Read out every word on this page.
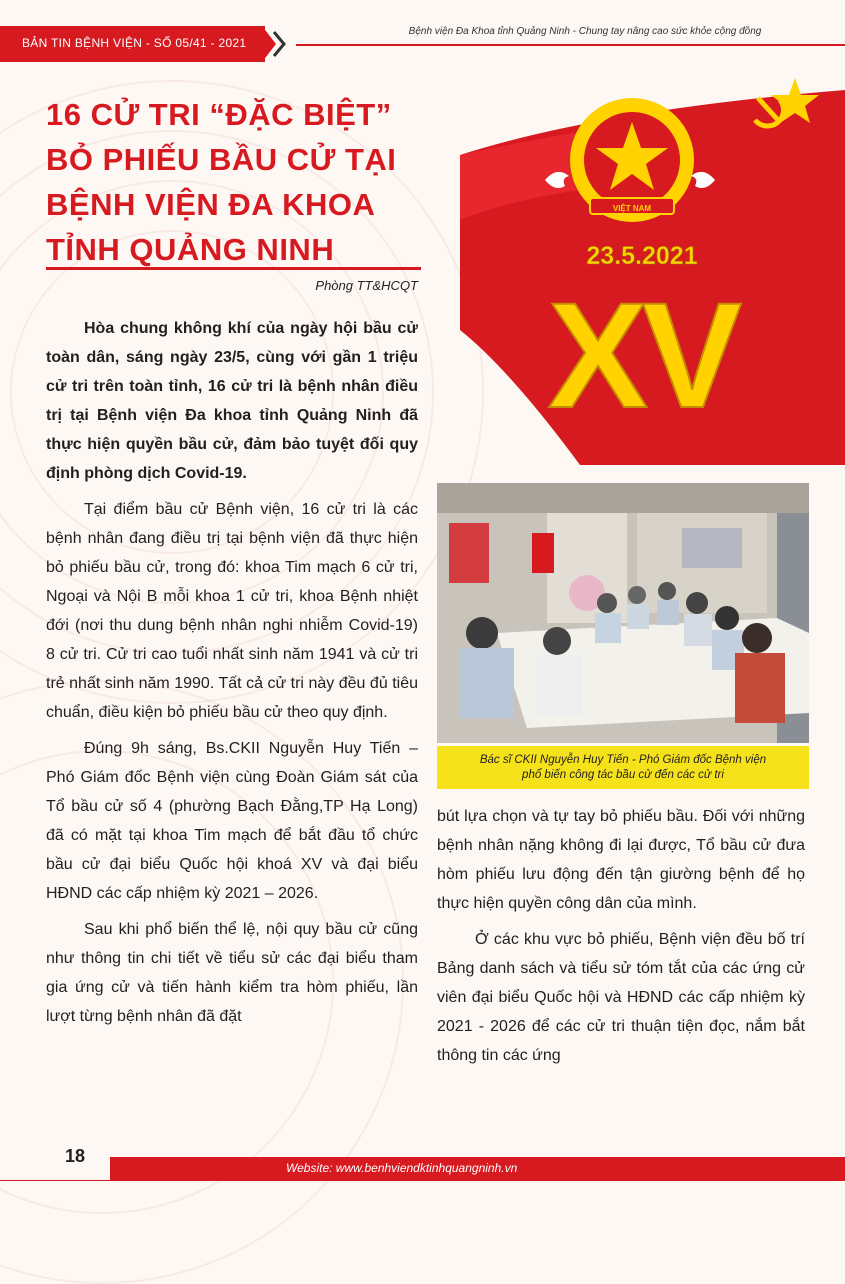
BẢN TIN BỆNH VIỆN - SỐ 05/41 - 2021
Bệnh viện Đa Khoa tỉnh Quảng Ninh - Chung tay nâng cao sức khỏe cộng đồng
16 CỬ TRI “ĐẶC BIỆT”
BỎ PHIẾU BẦU CỬ TẠI
BỆNH VIỆN ĐA KHOA
TỈNH QUẢNG NINH
Phòng TT&HCQT

Hòa chung không khí của ngày hội bầu cử toàn dân, sáng ngày 23/5, cùng với gần 1 triệu cử tri trên toàn tỉnh, 16 cử tri là bệnh nhân điều trị tại Bệnh viện Đa khoa tỉnh Quảng Ninh đã thực hiện quyền bầu cử, đảm bảo tuyệt đối quy định phòng dịch Covid-19.

Tại điểm bầu cử Bệnh viện, 16 cử tri là các bệnh nhân đang điều trị tại bệnh viện đã thực hiện bỏ phiếu bầu cử, trong đó: khoa Tim mạch 6 cử tri, Ngoại và Nội B mỗi khoa 1 cử tri, khoa Bệnh nhiệt đới (nơi thu dung bệnh nhân nghi nhiễm Covid-19) 8 cử tri. Cử tri cao tuổi nhất sinh năm 1941 và cử tri trẻ nhất sinh năm 1990. Tất cả cử tri này đều đủ tiêu chuẩn, điều kiện bỏ phiếu bầu cử theo quy định.

Đúng 9h sáng, Bs.CKII Nguyễn Huy Tiến – Phó Giám đốc Bệnh viện cùng Đoàn Giám sát của Tổ bầu cử số 4 (phường Bạch Đằng,TP Hạ Long) đã có mặt tại khoa Tim mạch để bắt đầu tổ chức bầu cử đại biểu Quốc hội khoá XV và đại biểu HĐND các cấp nhiệm kỳ 2021 – 2026.

Sau khi phổ biến thể lệ, nội quy bầu cử cũng như thông tin chi tiết về tiểu sử các đại biểu tham gia ứng cử và tiến hành kiểm tra hòm phiếu, lần lượt từng bệnh nhân đã đặt

VIỆT NAM
23.5.2021
XV
Bác sĩ CKII Nguyễn Huy Tiến - Phó Giám đốc Bệnh viện
phổ biến công tác bầu cử đến các cử tri

bút lựa chọn và tự tay bỏ phiếu bầu. Đối với những bệnh nhân nặng không đi lại được, Tổ bầu cử đưa hòm phiếu lưu động đến tận giường bệnh để họ thực hiện quyền công dân của mình.

Ở các khu vực bỏ phiếu, Bệnh viện đều bố trí Bảng danh sách và tiểu sử tóm tắt của các ứng cử viên đại biểu Quốc hội và HĐND các cấp nhiệm kỳ 2021 - 2026 để các cử tri thuận tiện đọc, nắm bắt thông tin các ứng

18
Website: www.benhviendktinhquangninh.vn
